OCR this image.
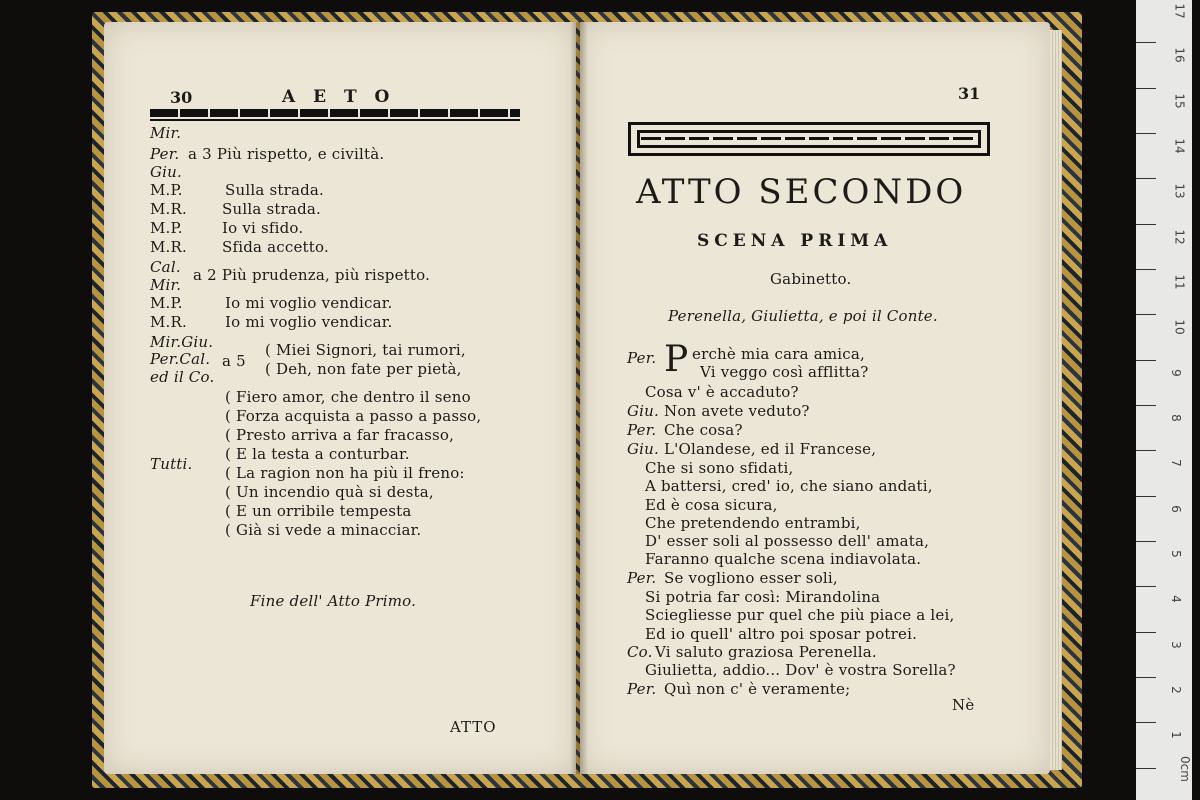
30	A E T O
Mir.
Per. a 3 Più rispetto, e civiltà.
Giu.
M.P.	Sulla strada.
M.R. Sulla strada.
M.P.	Io vi sfido.
M.R. Sfida accetto.
Cal.
Mir.
a 2 Più prudenza, più rispetto.
M.P.	Io mi voglio vendicar.
M.R.	Io mi voglio vendicar.
Mir.Giu.
Per.Cal. a 5
ed il Co.
( Miei Signori, tai rumori,
( Deh, non fate per pietà,
( Fiero amor, che dentro il seno
( Forza acquista a passo a passo,
( Presto arriva a far fracasso,
( E la testa a conturbar.
Tutti. ( La ragion non ha più il freno:
( Un incendio quà si desta,
( E un orribile tempesta
( Già si vede a minacciar.
Fine dell' Atto Primo.
ATTO
31
ATTO SECONDO
SCENA PRIMA
Gabinetto.
Perenella, Giulietta, e poi il Conte.
Per. P erchè mia cara amica,
Vi veggo così afflitta?
Cosa v' è accaduto?
Giu. Non avete veduto?
Per. Che cosa?
Giu. L'Olandese, ed il Francese,
Che si sono sfidati,
A battersi, cred' io, che siano andati,
Ed è cosa sicura,
Che pretendendo entrambi,
D' esser soli al possesso dell' amata,
Faranno qualche scena indiavolata.
Per. Se vogliono esser soli,
Si potria far così: Mirandolina
Sciegliesse pur quel che più piace a lei,
Ed io quell' altro poi sposar potrei.
Co. Vi saluto graziosa Perenella.
Giulietta, addio... Dov' è vostra Sorella?
Per. Quì non c' è veramente;
Nè
0cm
1
2
3
4
5
6
7
8
9
10
11
12
13
14
15
16
17
